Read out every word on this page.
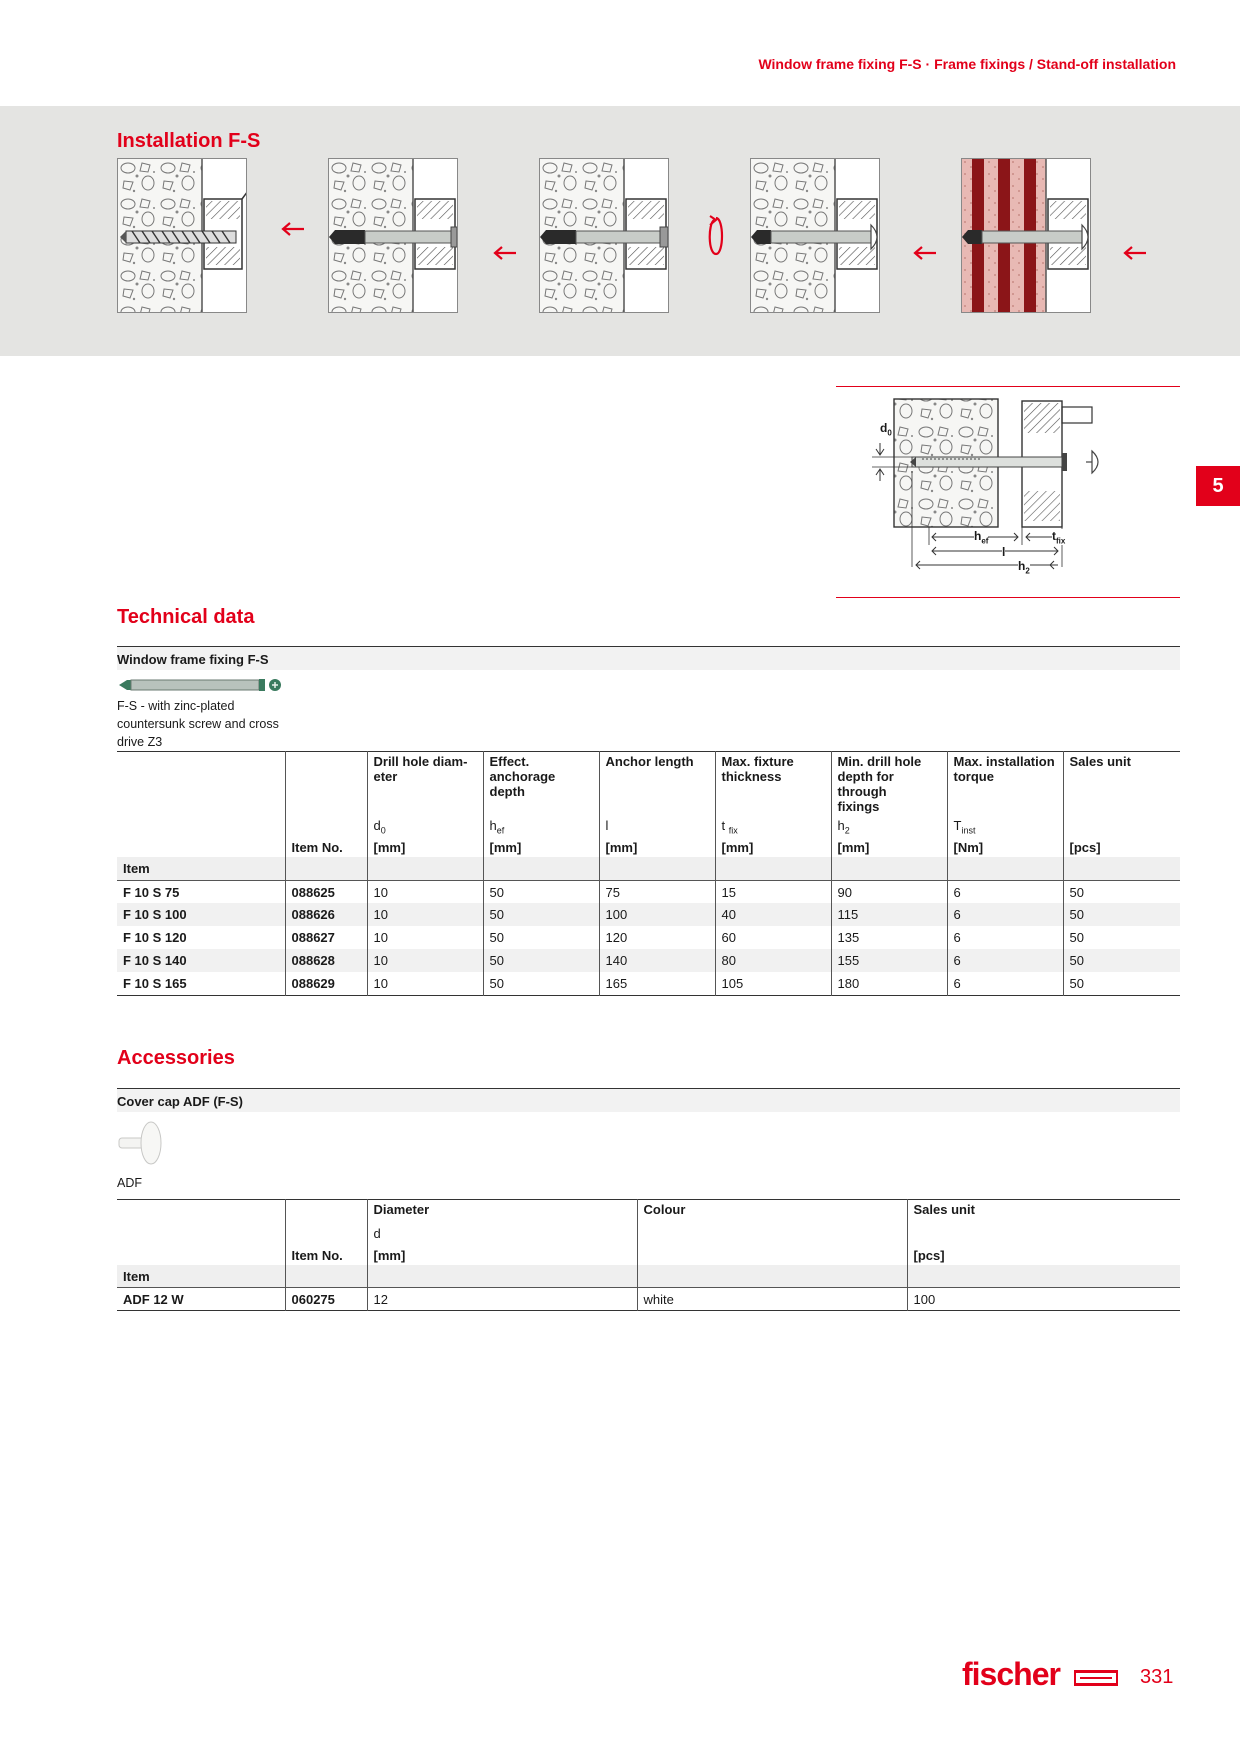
Window frame fixing F-S · Frame fixings / Stand-off installation
Installation F-S
5
$d_0$
$h_{ef}$	$t_{fix}$
l
$h_2$
Technical data
Window frame fixing F-S
F-S - with zinc-plated
countersunk screw and cross
drive Z3
		Drill hole diam-
eter	Effect. anchorage
depth	Anchor length	Max. fixture
thickness	Min. drill hole
depth for through
fixings	Max. installation
torque	Sales unit
		$d_0$	$h_{ef}$	l	t $_{fix}$	$h_2$	$T_{inst}$	
	Item No.	[mm]	[mm]	[mm]	[mm]	[mm]	[Nm]	[pcs]
Item								
F 10 S 75	088625	10	50	75	15	90	6	50
F 10 S 100	088626	10	50	100	40	115	6	50
F 10 S 120	088627	10	50	120	60	135	6	50
F 10 S 140	088628	10	50	140	80	155	6	50
F 10 S 165	088629	10	50	165	105	180	6	50
Accessories
Cover cap ADF (F-S)
ADF
		Diameter	Colour	Sales unit
		d		
	Item No.	[mm]		[pcs]
Item				
ADF 12 W	060275	12	white	100
fischer	331
